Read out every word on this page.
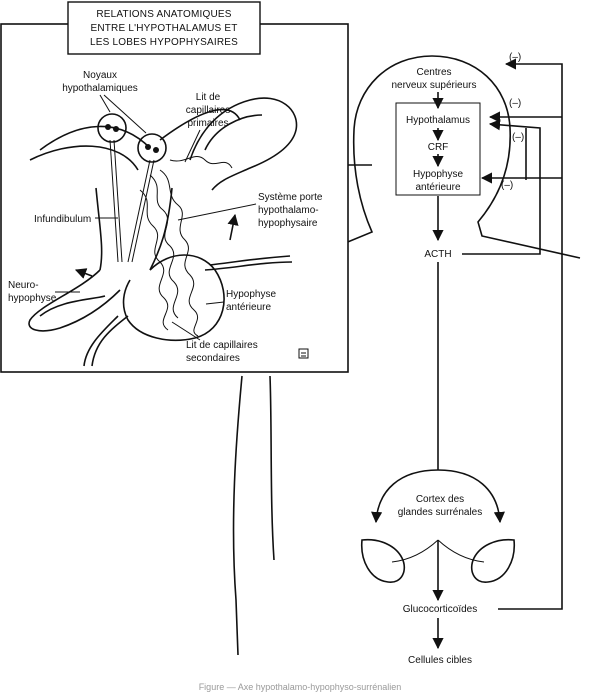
RELATIONS ANATOMIQUES
ENTRE L'HYPOTHALAMUS ET
LES LOBES HYPOPHYSAIRES
Noyaux
hypothalamiques
Lit de
capillaires
primaires
Infundibulum
Système porte
hypothalamo-
hypophysaire
Neuro-
hypophyse	Hypophyse
antérieure
Lit de capillaires
secondaires
Centres
nerveux supérieurs
Hypothalamus
CRF
Hypophyse
antérieure
ACTH
Cortex des
glandes surrénales
Glucocorticoïdes
Cellules cibles
(–)
(–)
(–)
(–)
Figure — Axe hypothalamo-hypophyso-surrénalien
